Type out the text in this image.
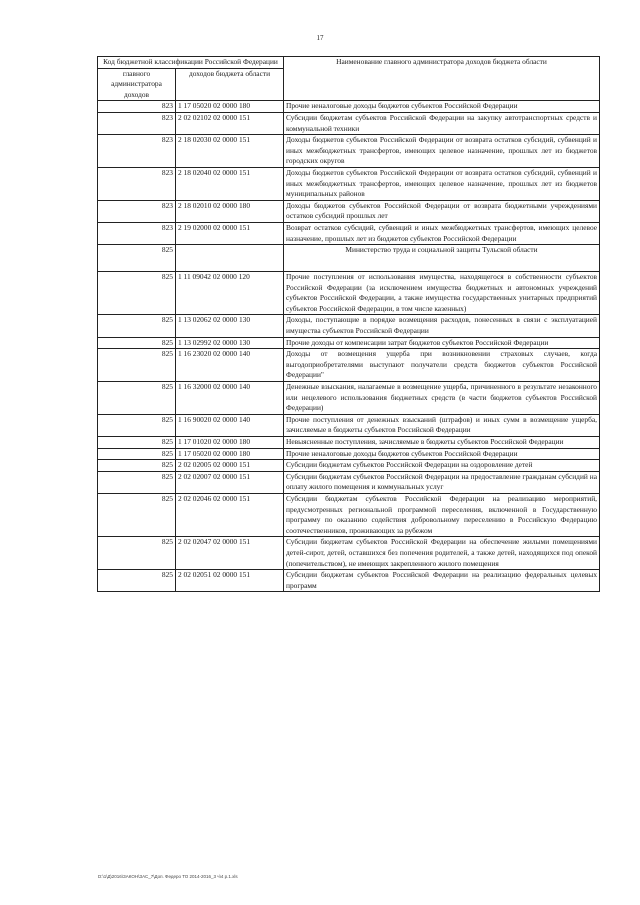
17
Код бюджетной классификации Российской Федерации		Наименование главного администратора доходов бюджета области
главного администратора доходов	доходов бюджета области	
823	1 17 05020 02 0000 180	Прочие неналоговые доходы бюджетов субъектов Российской Федерации
823	2 02 02102 02 0000 151	Субсидии бюджетам субъектов Российской Федерации на закупку автотранспортных средств и коммунальной техники
823	2 18 02030 02 0000 151	Доходы бюджетов субъектов Российской Федерации от возврата остатков субсидий, субвенций и иных межбюджетных трансфертов, имеющих целевое назначение, прошлых лет из бюджетов городских округов
823	2 18 02040 02 0000 151	Доходы бюджетов субъектов Российской Федерации от возврата остатков субсидий, субвенций и иных межбюджетных трансфертов, имеющих целевое назначение, прошлых лет из бюджетов муниципальных районов
823	2 18 02010 02 0000 180	Доходы бюджетов субъектов Российской Федерации от возврата бюджетными учреждениями остатков субсидий прошлых лет
823	2 19 02000 02 0000 151	Возврат остатков субсидий, субвенций и иных межбюджетных трансфертов, имеющих целевое назначение, прошлых лет из бюджетов субъектов Российской Федерации
825		Министерство труда и социальной защиты Тульской области
825	1 11 09042 02 0000 120	Прочие поступления от использования имущества, находящегося в собственности субъектов Российской Федерации (за исключением имущества бюджетных и автономных учреждений субъектов Российской Федерации, а также имущества государственных унитарных предприятий субъектов Российской Федерации, в том числе казенных)
825	1 13 02062 02 0000 130	Доходы, поступающие в порядке возмещения расходов, понесенных в связи с эксплуатацией имущества субъектов Российской Федерации
825	1 13 02992 02 0000 130	Прочие доходы от компенсации затрат бюджетов субъектов Российской Федерации
825	1 16 23020 02 0000 140	Доходы от возмещения ущерба при возникновении страховых случаев, когда выгодоприобретателями выступают получатели средств бюджетов субъектов Российской Федерации"
825	1 16 32000 02 0000 140	Денежные взыскания, налагаемые в возмещение ущерба, причиненного в результате незаконного или нецелевого использования бюджетных средств (в части бюджетов субъектов Российской Федерации)
825	1 16 90020 02 0000 140	Прочие поступления от денежных взысканий (штрафов) и иных сумм в возмещение ущерба, зачисляемые в бюджеты субъектов Российской Федерации
825	1 17 01020 02 0000 180	Невыясненные поступления, зачисляемые в бюджеты субъектов Российской Федерации
825	1 17 05020 02 0000 180	Прочие неналоговые доходы бюджетов субъектов Российской Федерации
825	2 02 02005 02 0000 151	Субсидии бюджетам субъектов Российской Федерации на оздоровление детей
825	2 02 02007 02 0000 151	Субсидии бюджетам субъектов Российской Федерации на предоставление гражданам субсидий на оплату жилого помещения и коммунальных услуг
825	2 02 02046 02 0000 151	Субсидии бюджетам субъектов Российской Федерации на реализацию мероприятий, предусмотренных региональной программой переселения, включенной в Государственную программу по оказанию содействия добровольному переселению в Российскую Федерацию соотечественников, проживающих за рубежом
825	2 02 02047 02 0000 151	Субсидии бюджетам субъектов Российской Федерации на обеспечение жилыми помещениями детей-сирот, детей, оставшихся без попечения родителей, а также детей, находящихся под опекой (попечительством), не имеющих закрепленного жилого помещения
825	2 02 02051 02 0000 151	Субсидии бюджетам субъектов Российской Федерации на реализацию федеральных целевых программ
D:\1\Д\2016\ЗАКОН\ЗАС_7\Доп. Федеро ТО 2014-2016_3 ч\4 р.1.xls
